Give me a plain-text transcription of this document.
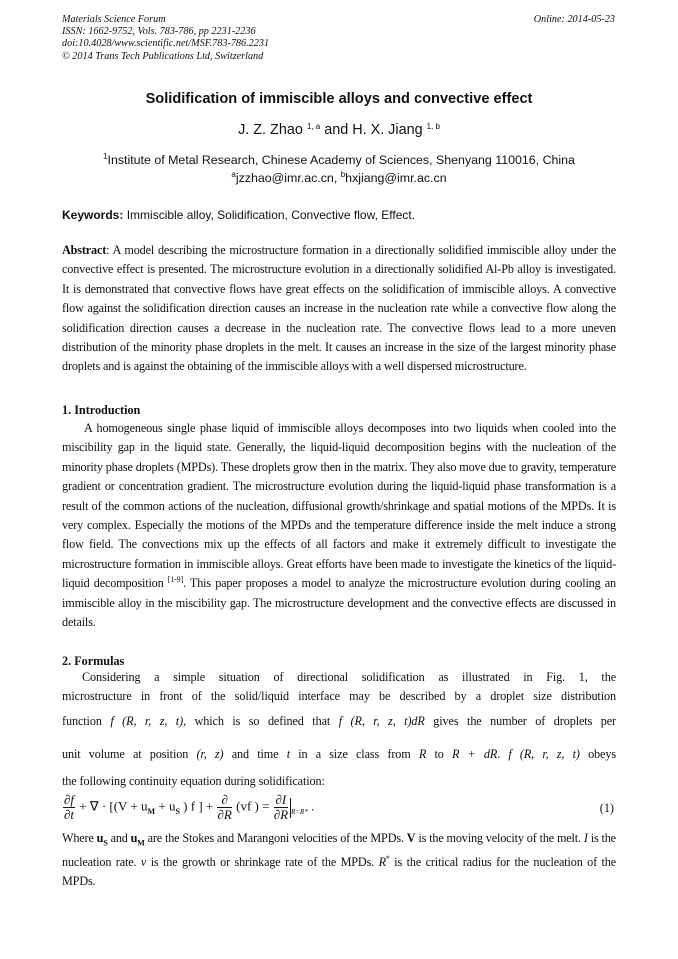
Materials Science Forum
ISSN: 1662-9752, Vols. 783-786, pp 2231-2236
doi:10.4028/www.scientific.net/MSF.783-786.2231
© 2014 Trans Tech Publications Ltd, Switzerland
Online: 2014-05-23
Solidification of immiscible alloys and convective effect
J. Z. Zhao $^{1, a}$ and H. X. Jiang $^{1, b}$
$^1$Institute of Metal Research, Chinese Academy of Sciences, Shenyang 110016, China
$^a$jzzhao@imr.ac.cn, $^b$hxjiang@imr.ac.cn
Keywords: Immiscible alloy, Solidification, Convective flow, Effect.
Abstract: A model describing the microstructure formation in a directionally solidified immiscible alloy under the convective effect is presented. The microstructure evolution in a directionally solidified Al-Pb alloy is investigated. It is demonstrated that convective flows have great effects on the solidification of immiscible alloys. A convective flow against the solidification direction causes an increase in the nucleation rate while a convective flow along the solidification direction causes a decrease in the nucleation rate. The convective flows lead to a more uneven distribution of the minority phase droplets in the melt. It causes an increase in the size of the largest minority phase droplets and is against the obtaining of the immiscible alloys with a well dispersed microstructure.
1. Introduction
A homogeneous single phase liquid of immiscible alloys decomposes into two liquids when cooled into the miscibility gap in the liquid state. Generally, the liquid-liquid decomposition begins with the nucleation of the minority phase droplets (MPDs). These droplets grow then in the matrix. They also move due to gravity, temperature gradient or concentration gradient. The microstructure evolution during the liquid-liquid phase transformation is a result of the common actions of the nucleation, diffusional growth/shrinkage and spatial motions of the MPDs. It is very complex. Especially the motions of the MPDs and the temperature difference inside the melt induce a strong flow field. The convections mix up the effects of all factors and make it extremely difficult to investigate the microstructure formation in immiscible alloys. Great efforts have been made to investigate the kinetics of the liquid-liquid decomposition [1-9]. This paper proposes a model to analyze the microstructure evolution during cooling an immiscible alloy in the miscibility gap. The microstructure development and the convective effects are discussed in details.
2. Formulas
Considering a simple situation of directional solidification as illustrated in Fig. 1, the
microstructure in front of the solid/liquid interface may be described by a droplet size distribution
function f (R, r, z, t), which is so defined that f (R, r, z, t)dR gives the number of droplets per
unit volume at position (r, z) and time t in a size class from R to R + dR. f (R, r, z, t) obeys
the following continuity equation during solidification:
$\frac{\partial f}{\partial t}$ + ∇ · [($V + u_M + u_S$ ) f ] + $\frac{\partial}{\partial R} (vf$ ) = $\frac{\partial I}{\partial R} _{R=R*}$ .	(1)
Where $u_S$ and $u_M$ are the Stokes and Marangoni velocities of the MPDs. V is the moving velocity of the melt. I is the nucleation rate. v is the growth or shrinkage rate of the MPDs. R* is the critical radius for the nucleation of the MPDs.
